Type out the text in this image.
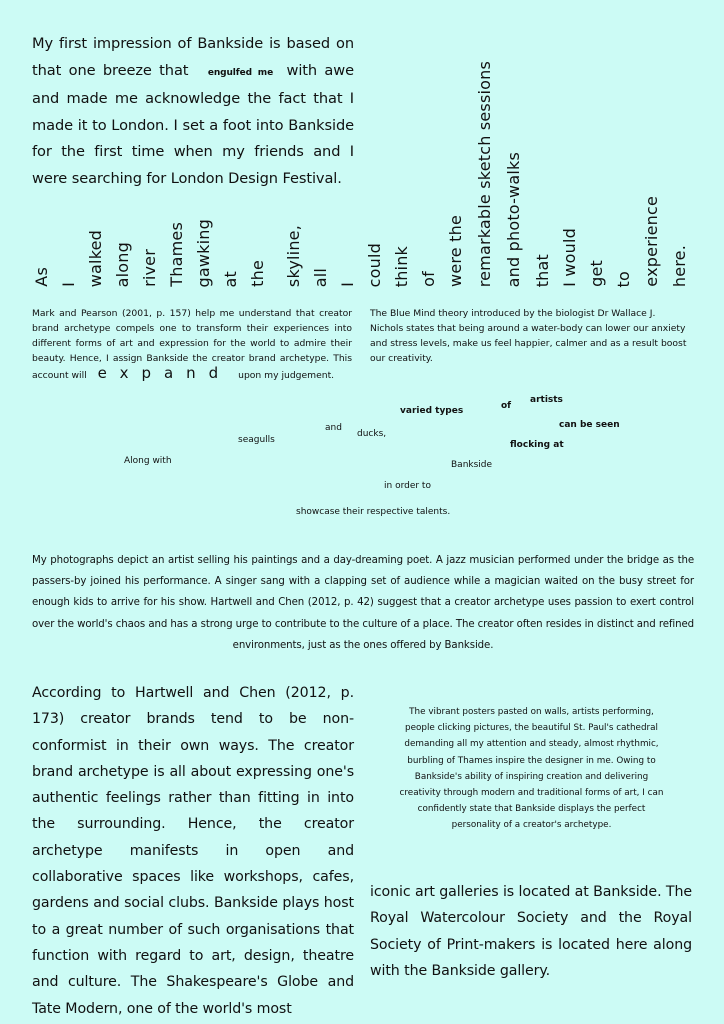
My first impression of Bankside is based on that one breeze that engulfed me with awe and made me acknowledge the fact that I made it to London. I set a foot into Bankside for the first time when my friends and I were searching for London Design Festival.
As I walked along river Thames gawking at the skyline, all I could think of were the remarkable sketch sessions and photo-walks that I would get to experience here.
Mark and Pearson (2001, p. 157) help me understand that creator brand archetype compels one to transform their experiences into different forms of art and expression for the world to admire their beauty. Hence, I assign Bankside the creator brand archetype. This account will expand upon my judgement.
The Blue Mind theory introduced by the biologist Dr Wallace J. Nichols states that being around a water-body can lower our anxiety and stress levels, make us feel happier, calmer and as a result boost our creativity.
Along with
seagulls
and
ducks,
varied types	of
artists
can be seen
flocking at
Bankside
in order to
showcase their respective talents.
My photographs depict an artist selling his paintings and a day-dreaming poet. A jazz musician performed under the bridge as the passers-by joined his performance. A singer sang with a clapping set of audience while a magician waited on the busy street for enough kids to arrive for his show. Hartwell and Chen (2012, p. 42) suggest that a creator archetype uses passion to exert control over the world's chaos and has a strong urge to contribute to the culture of a place. The creator often resides in distinct and refined environments, just as the ones offered by Bankside.
According to Hartwell and Chen (2012, p. 173) creator brands tend to be non-conformist in their own ways. The creator brand archetype is all about expressing one's authentic feelings rather than fitting in into the surrounding. Hence, the creator archetype manifests in open and collaborative spaces like workshops, cafes, gardens and social clubs. Bankside plays host to a great number of such organisations that function with regard to art, design, theatre and culture. The Shakespeare's Globe and Tate Modern, one of the world's most
The vibrant posters pasted on walls, artists performing, people clicking pictures, the beautiful St. Paul's cathedral demanding all my attention and steady, almost rhythmic, burbling of Thames inspire the designer in me. Owing to Bankside's ability of inspiring creation and delivering creativity through modern and traditional forms of art, I can confidently state that Bankside displays the perfect personality of a creator's archetype.
iconic art galleries is located at Bankside. The Royal Watercolour Society and the Royal Society of Print-makers is located here along with the Bankside gallery.
